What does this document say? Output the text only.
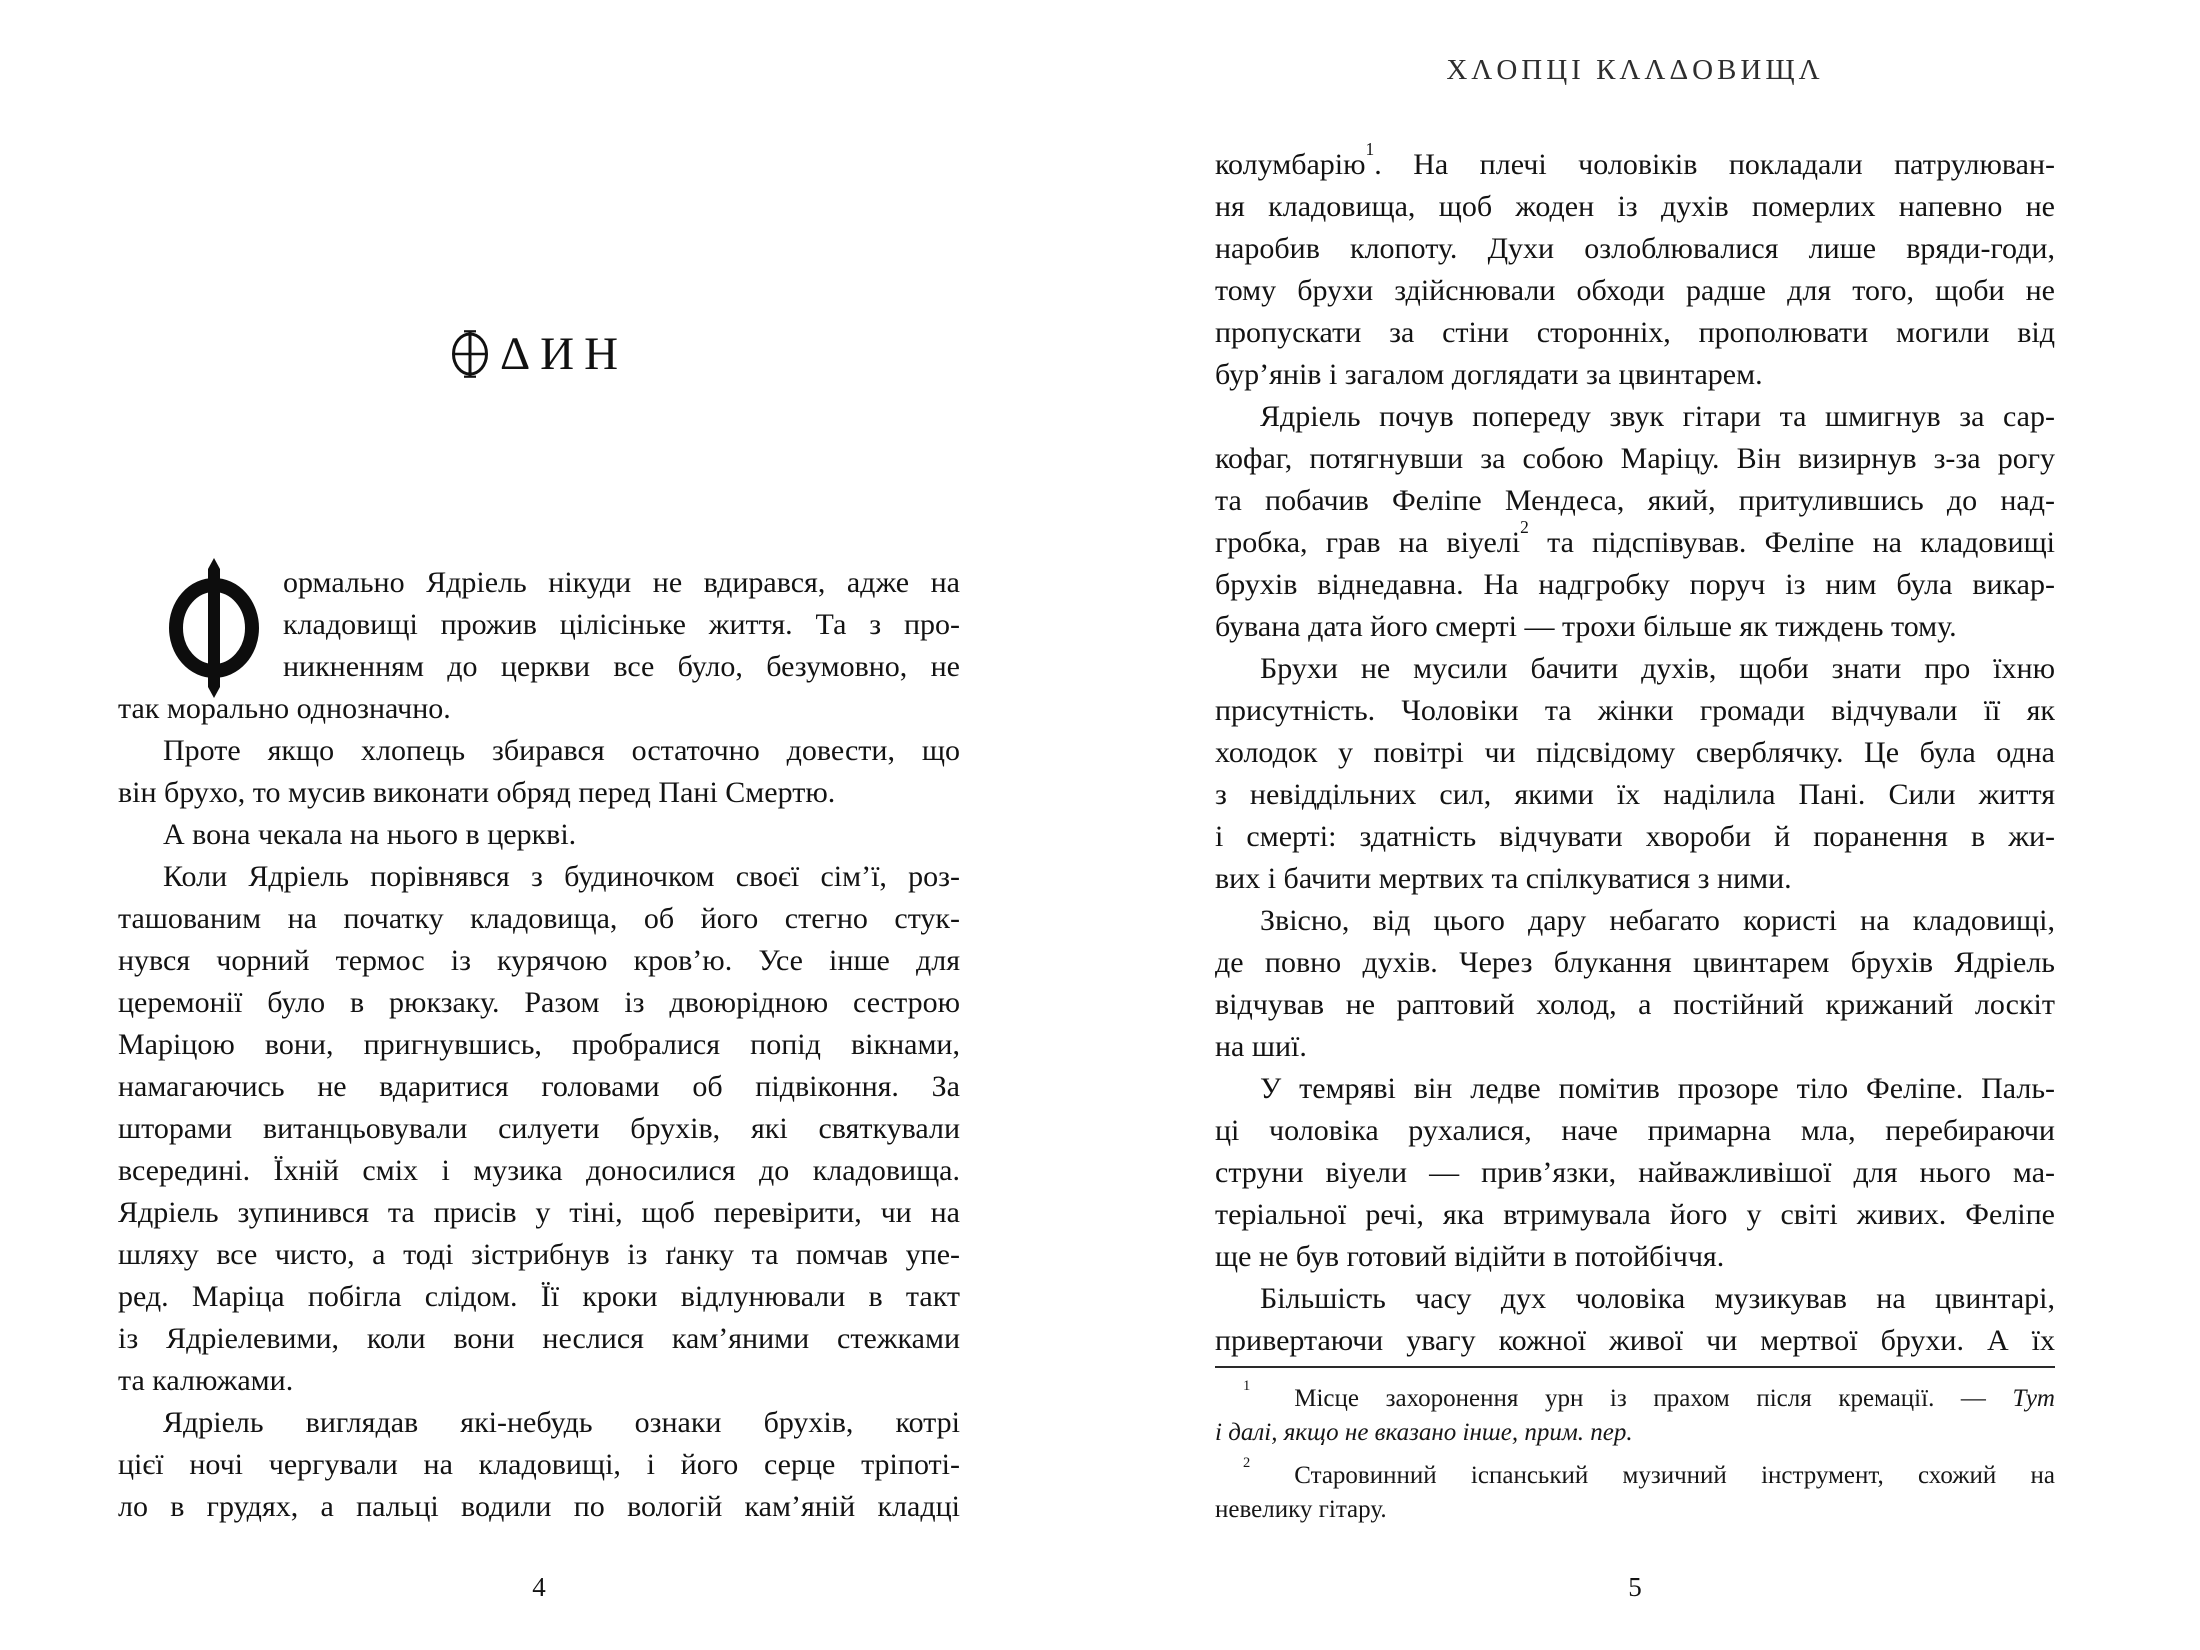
ΔИН
ормально Ядріель нікуди не вдирався, адже на
кладовищі прожив цілісіньке життя. Та з про-
никненням до церкви все було, безумовно, не
так морально однозначно.
Проте якщо хлопець збирався остаточно довести, що
він брухо, то мусив виконати обряд перед Пані Смертю.
А вона чекала на нього в церкві.
Коли Ядріель порівнявся з будиночком своєї сім’ї, роз-
ташованим на початку кладовища, об його стегно стук-
нувся чорний термос із курячою кров’ю. Усе інше для
церемонії було в рюкзаку. Разом із двоюрідною сестрою
Маріцою вони, пригнувшись, пробралися попід вікнами,
намагаючись не вдаритися головами об підвіконня. За
шторами витанцьовували силуети брухів, які святкували
всередині. Їхній сміх і музика доносилися до кладовища.
Ядріель зупинився та присів у тіні, щоб перевірити, чи на
шляху все чисто, а тоді зістрибнув із ґанку та помчав упе-
ред. Маріца побігла слідом. Її кроки відлунювали в такт
із Ядріелевими, коли вони неслися кам’яними стежками
та калюжами.
Ядріель виглядав які-небудь ознаки брухів, котрі
цієї ночі чергували на кладовищі, і його серце тріпоті-
ло в грудях, а пальці водили по вологій кам’яній кладці
4
ХΛОПЦІ КΛΛΔОВИЩΛ
колумбарію$^1$. На плечі чоловіків покладали патрулюван-
ня кладовища, щоб жоден із духів померлих напевно не
наробив клопоту. Духи озлоблювалися лише вряди-годи,
тому брухи здійснювали обходи радше для того, щоби не
пропускати за стіни сторонніх, прополювати могили від
бур’янів і загалом доглядати за цвинтарем.
Ядріель почув попереду звук гітари та шмигнув за сар-
кофаг, потягнувши за собою Маріцу. Він визирнув з-за рогу
та побачив Феліпе Мендеса, який, притулившись до над-
гробка, грав на віуелі$^2$ та підспівував. Феліпе на кладовищі
брухів віднедавна. На надгробку поруч із ним була викар-
бувана дата його смерті — трохи більше як тиждень тому.
Брухи не мусили бачити духів, щоби знати про їхню
присутність. Чоловіки та жінки громади відчували її як
холодок у повітрі чи підсвідому сверблячку. Це була одна
з невіддільних сил, якими їх наділила Пані. Сили життя
і смерті: здатність відчувати хвороби й поранення в жи-
вих і бачити мертвих та спілкуватися з ними.
Звісно, від цього дару небагато користі на кладовищі,
де повно духів. Через блукання цвинтарем брухів Ядріель
відчував не раптовий холод, а постійний крижаний лоскіт
на шиї.
У темряві він ледве помітив прозоре тіло Феліпе. Паль-
ці чоловіка рухалися, наче примарна мла, перебираючи
струни віуели — прив’язки, найважливішої для нього ма-
теріальної речі, яка втримувала його у світі живих. Феліпе
ще не був готовий відійти в потойбіччя.
Більшість часу дух чоловіка музикував на цвинтарі,
привертаючи увагу кожної живої чи мертвої брухи. А їх
$^1$ Місце захоронення урн із прахом після кремації. — Тут
і далі, якщо не вказано інше, прим. пер.
$^2$ Старовинний іспанський музичний інструмент, схожий на
невелику гітару.
5
